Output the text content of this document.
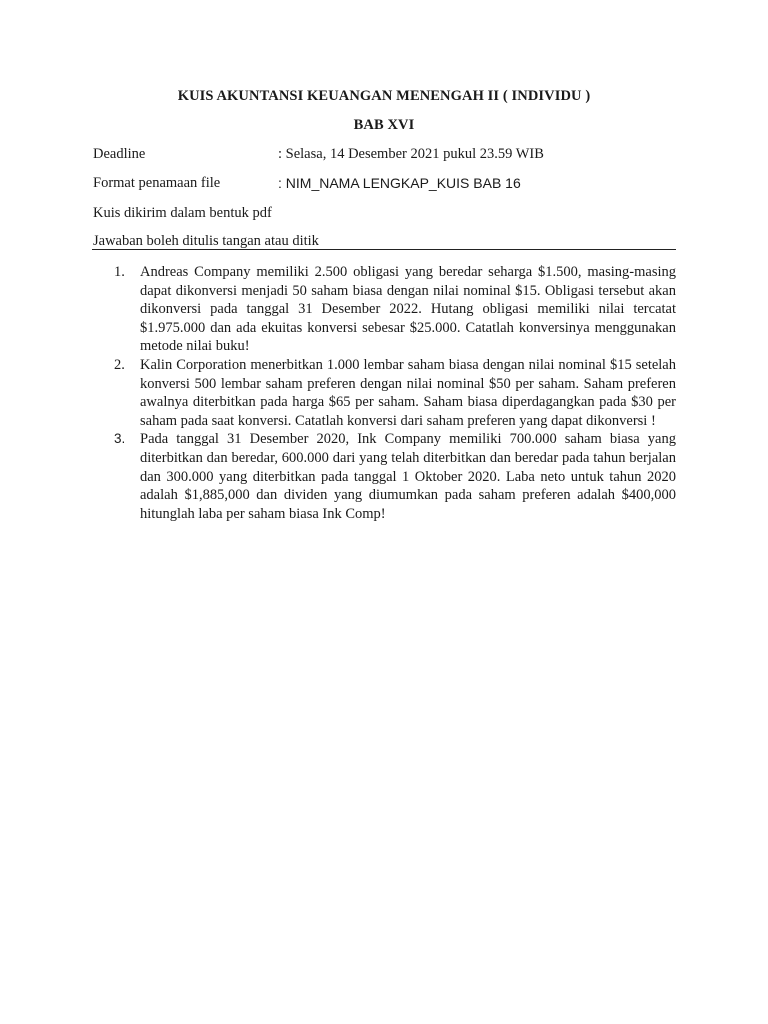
KUIS AKUNTANSI KEUANGAN MENENGAH II ( INDIVIDU )
BAB XVI
Deadline	: Selasa, 14 Desember 2021 pukul 23.59 WIB
Format penamaan file	: NIM_NAMA LENGKAP_KUIS BAB 16
Kuis dikirim dalam bentuk pdf
Jawaban boleh ditulis tangan atau ditik
1.	Andreas Company memiliki 2.500 obligasi yang beredar seharga $1.500, masing-masing dapat dikonversi menjadi 50 saham biasa dengan nilai nominal $15. Obligasi tersebut akan dikonversi pada tanggal 31 Desember 2022. Hutang obligasi memiliki nilai tercatat $1.975.000 dan ada ekuitas konversi sebesar $25.000. Catatlah konversinya menggunakan metode nilai buku!
2.	Kalin Corporation menerbitkan 1.000 lembar saham biasa dengan nilai nominal $15 setelah konversi 500 lembar saham preferen dengan nilai nominal $50 per saham. Saham preferen awalnya diterbitkan pada harga $65 per saham. Saham biasa diperdagangkan pada $30 per saham pada saat konversi. Catatlah konversi dari saham preferen yang dapat dikonversi !
3.	Pada tanggal 31 Desember 2020, Ink Company memiliki 700.000 saham biasa yang diterbitkan dan beredar, 600.000 dari yang telah diterbitkan dan beredar pada tahun berjalan dan 300.000 yang diterbitkan pada tanggal 1 Oktober 2020. Laba neto untuk tahun 2020 adalah $1,885,000 dan dividen yang diumumkan pada saham preferen adalah $400,000 hitunglah laba per saham biasa Ink Comp!
